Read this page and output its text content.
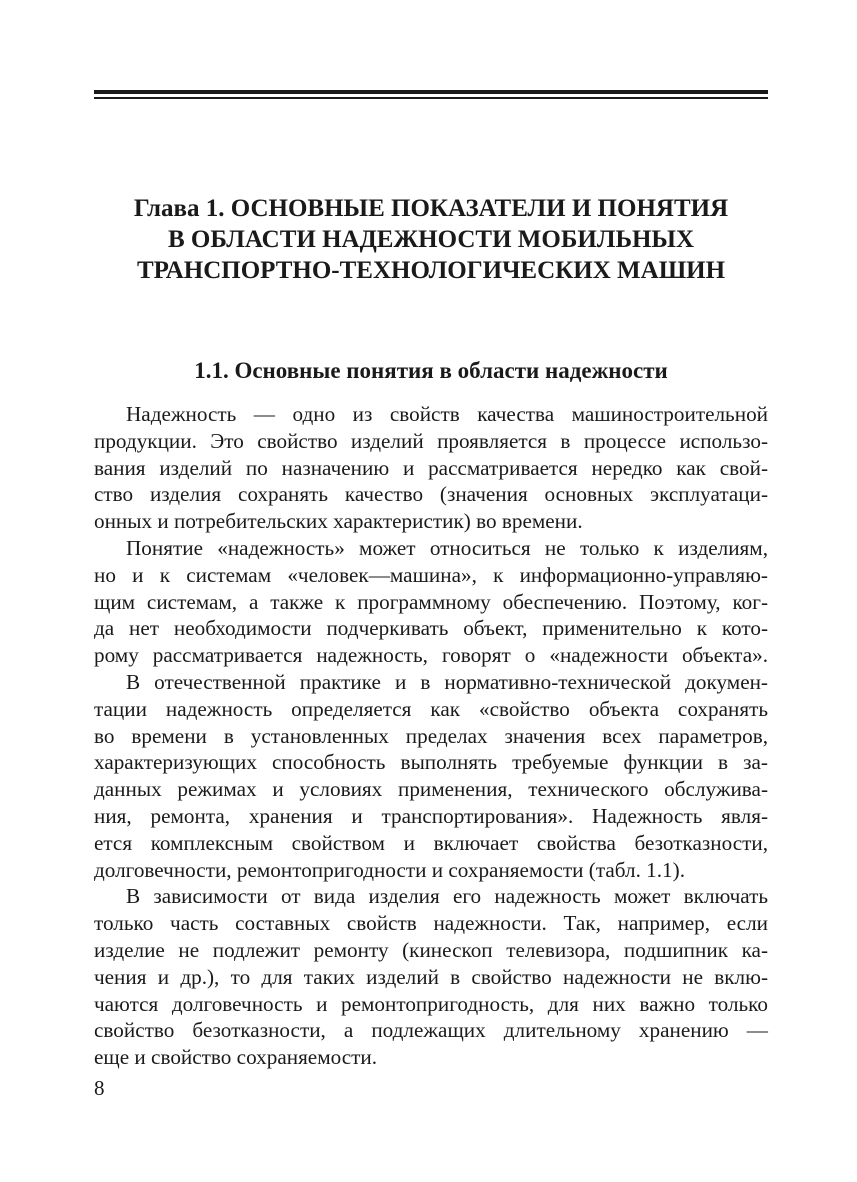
Глава 1. ОСНОВНЫЕ ПОКАЗАТЕЛИ И ПОНЯТИЯ
В ОБЛАСТИ НАДЕЖНОСТИ МОБИЛЬНЫХ
ТРАНСПОРТНО-ТЕХНОЛОГИЧЕСКИХ МАШИН
1.1. Основные понятия в области надежности
Надежность — одно из свойств качества машиностроительной
продукции. Это свойство изделий проявляется в процессе использо-
вания изделий по назначению и рассматривается нередко как свой-
ство изделия сохранять качество (значения основных эксплуатаци-
онных и потребительских характеристик) во времени.
Понятие «надежность» может относиться не только к изделиям,
но и к системам «человек—машина», к информационно-управляю-
щим системам, а также к программному обеспечению. Поэтому, ког-
да нет необходимости подчеркивать объект, применительно к кото-
рому рассматривается надежность, говорят о «надежности объекта».
В отечественной практике и в нормативно-технической докумен-
тации надежность определяется как «свойство объекта сохранять
во времени в установленных пределах значения всех параметров,
характеризующих способность выполнять требуемые функции в за-
данных режимах и условиях применения, технического обслужива-
ния, ремонта, хранения и транспортирования». Надежность явля-
ется комплексным свойством и включает свойства безотказности,
долговечности, ремонтопригодности и сохраняемости (табл. 1.1).
В зависимости от вида изделия его надежность может включать
только часть составных свойств надежности. Так, например, если
изделие не подлежит ремонту (кинескоп телевизора, подшипник ка-
чения и др.), то для таких изделий в свойство надежности не вклю-
чаются долговечность и ремонтопригодность, для них важно только
свойство безотказности, а подлежащих длительному хранению —
еще и свойство сохраняемости.
8
